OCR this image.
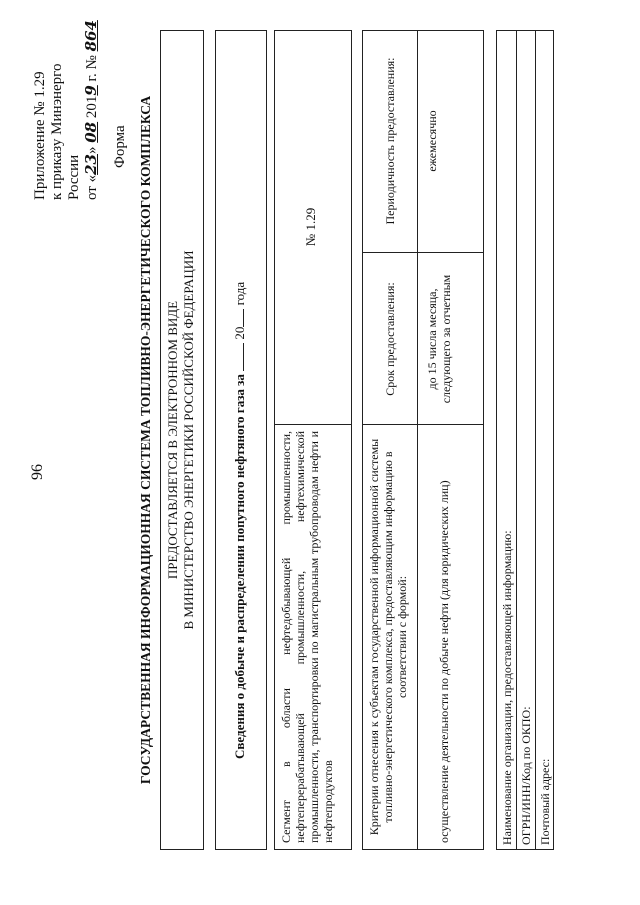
96
Приложение № 1.29 к приказу Минэнерго России от «23» 08 2019 г. № 864
Форма ГОСУДАРСТВЕННАЯ ИНФОРМАЦИОННАЯ СИСТЕМА ТОПЛИВНО-ЭНЕРГЕТИЧЕСКОГО КОМПЛЕКСА ПРЕДОСТАВЛЯЕТСЯ В ЭЛЕКТРОННОМ ВИДЕ В МИНИСТЕРСТВО ЭНЕРГЕТИКИ РОССИЙСКОЙ ФЕДЕРАЦИИ	Сведения о добыче и распределении попутного нефтяного газа за  20 года
Сегмент в области нефтедобывающей промышленности, нефтеперерабатывающей промышленности, нефтехимической промышленности, транспортировки по магистральным трубопроводам нефти и нефтепродуктов
№ 1.29
Критерии отнесения к субъектам государственной информационной системы топливно-энергетического комплекса, предоставляющим информацию в соответствии с формой:
Срок предоставления:
Периодичность предоставления:
осуществление деятельности по добыче нефти (для юридических лиц)
до 15 числа месяца, следующего за отчетным
ежемесячно
Наименование организации, предоставляющей информацию: ОГРН/ИНН/Код по ОКПО: Почтовый адрес:
